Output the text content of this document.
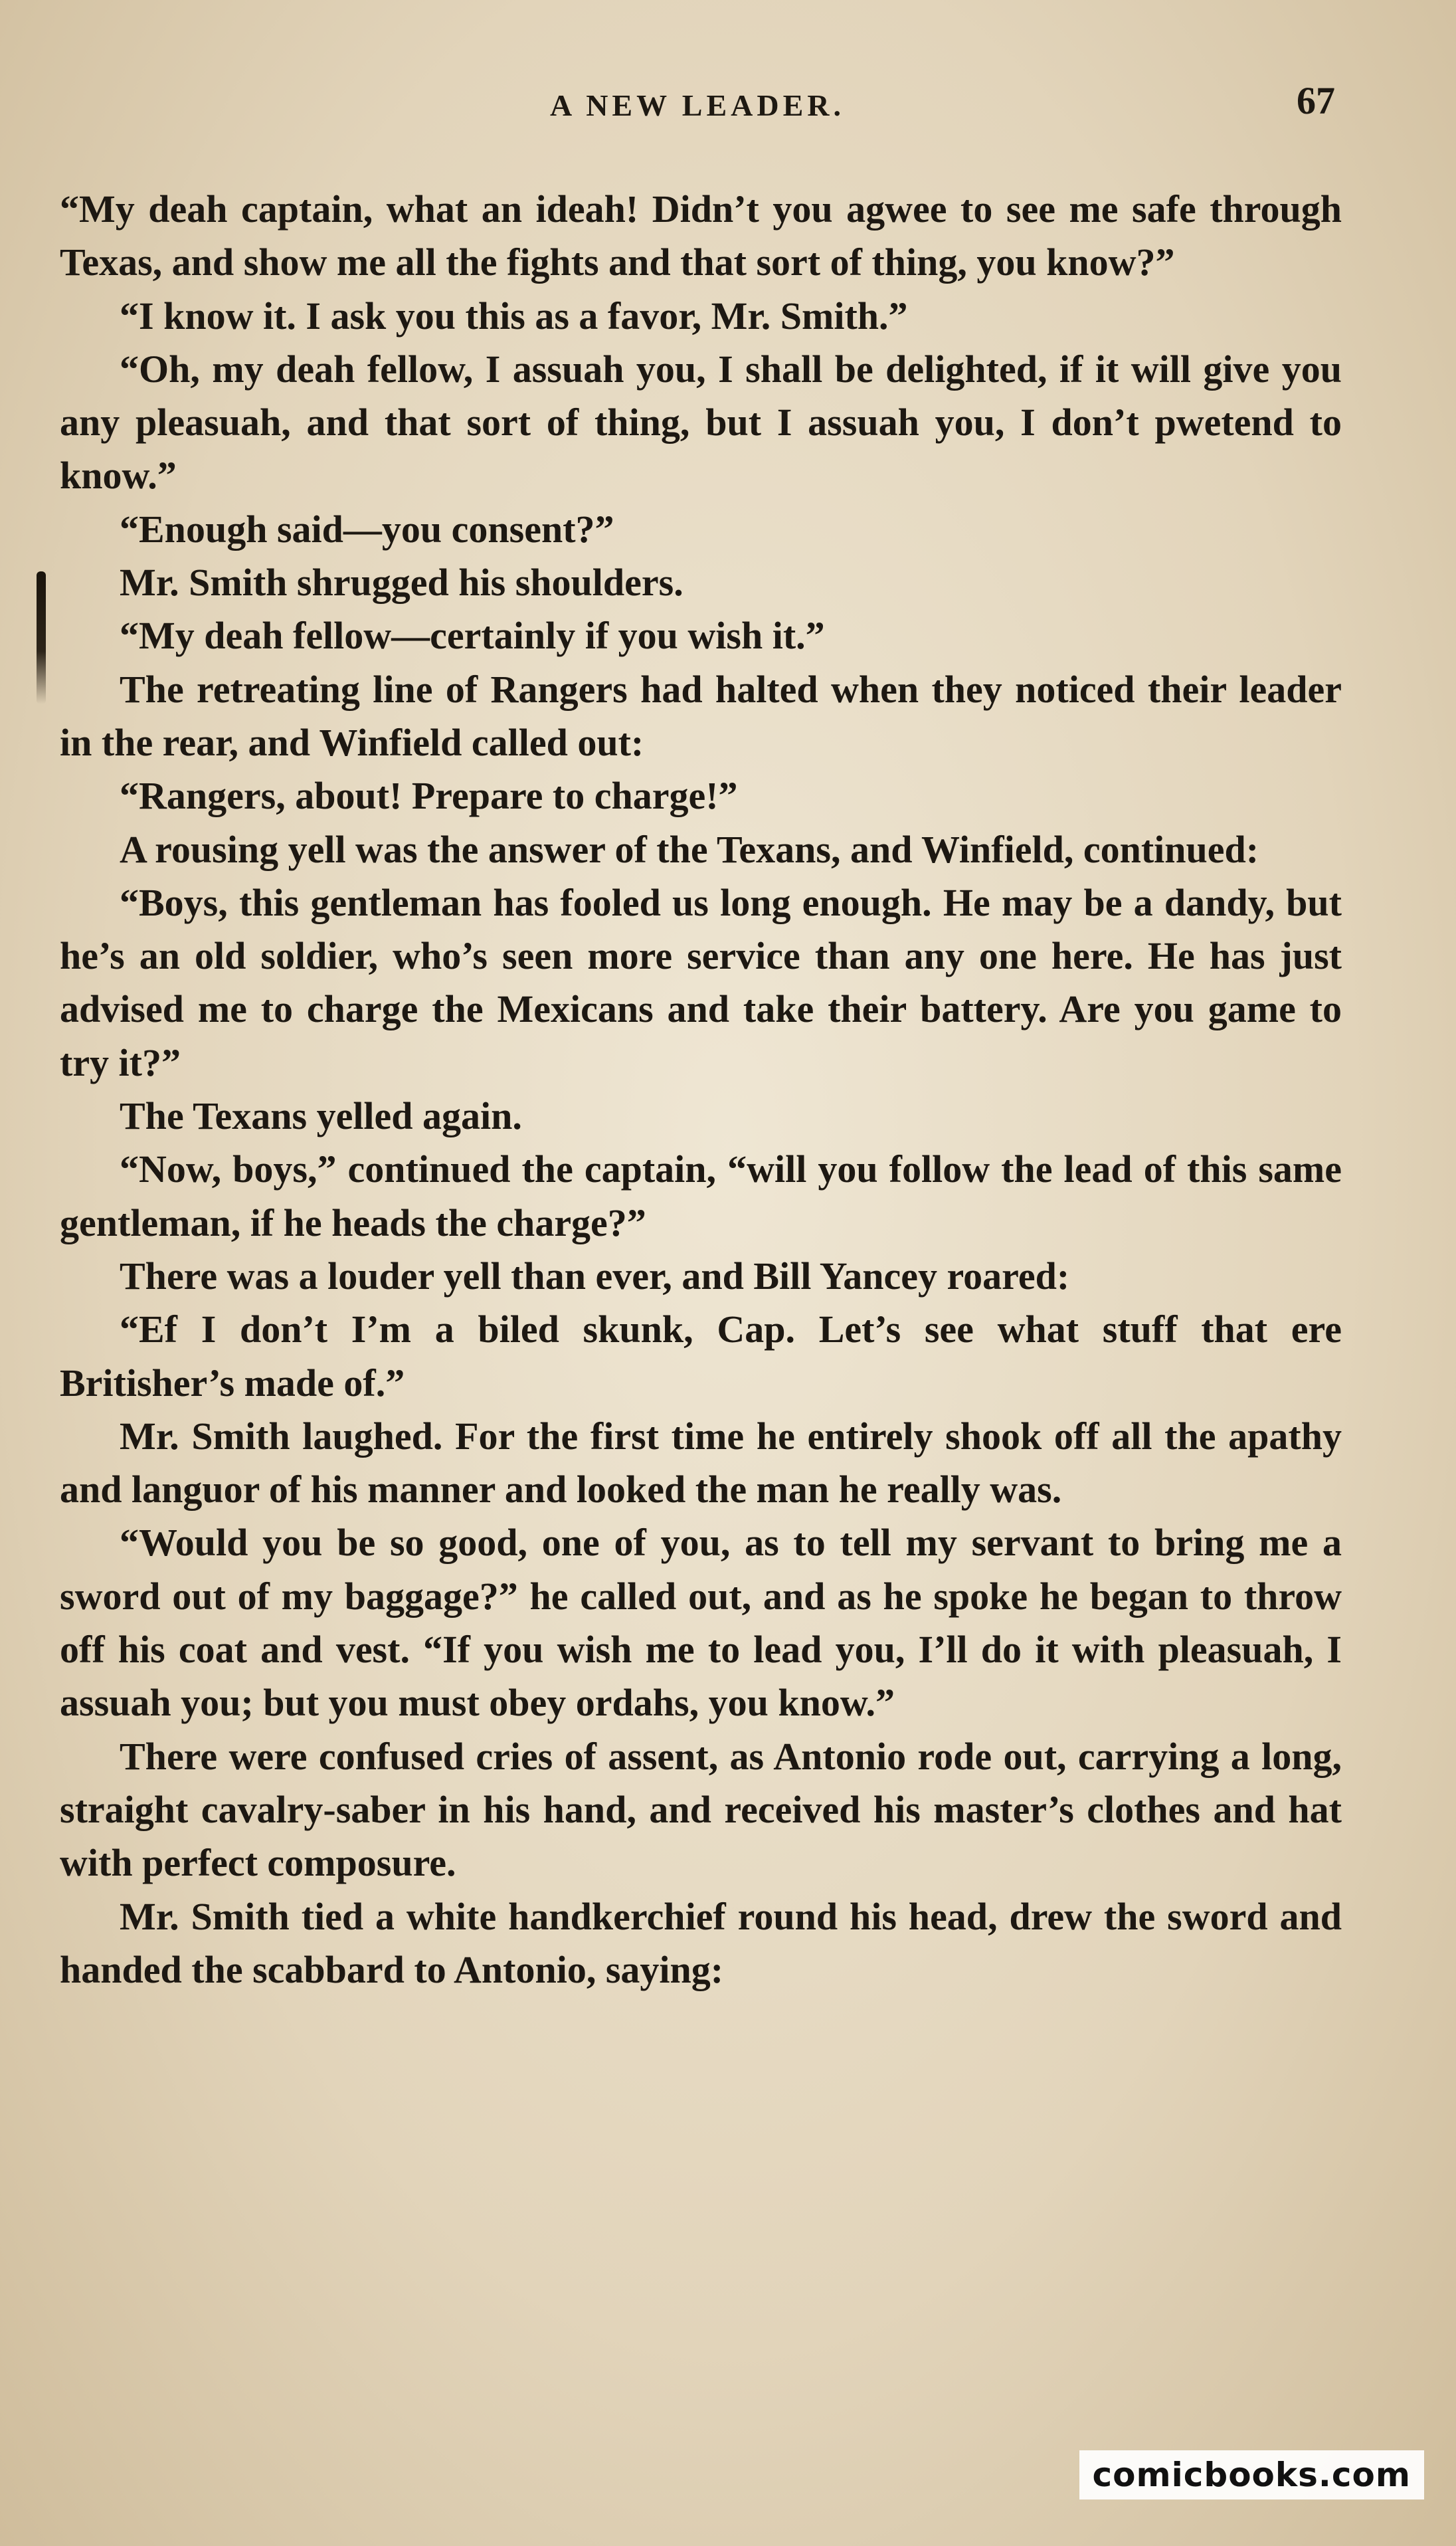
A NEW LEADER.	67

“My deah captain, what an ideah! Didn’t you agwee to see me safe through Texas, and show me all the fights and that sort of thing, you know?”

“I know it. I ask you this as a favor, Mr. Smith.”

“Oh, my deah fellow, I assuah you, I shall be delighted, if it will give you any pleasuah, and that sort of thing, but I assuah you, I don’t pwetend to know.”

“Enough said—you consent?”

Mr. Smith shrugged his shoulders.

“My deah fellow—certainly if you wish it.”

The retreating line of Rangers had halted when they noticed their leader in the rear, and Winfield called out:

“Rangers, about! Prepare to charge!”

A rousing yell was the answer of the Texans, and Winfield, continued:

“Boys, this gentleman has fooled us long enough. He may be a dandy, but he’s an old soldier, who’s seen more service than any one here. He has just advised me to charge the Mexicans and take their battery. Are you game to try it?”

The Texans yelled again.

“Now, boys,” continued the captain, “will you follow the lead of this same gentleman, if he heads the charge?”

There was a louder yell than ever, and Bill Yancey roared:

“Ef I don’t I’m a biled skunk, Cap. Let’s see what stuff that ere Britisher’s made of.”

Mr. Smith laughed. For the first time he entirely shook off all the apathy and languor of his manner and looked the man he really was.

“Would you be so good, one of you, as to tell my servant to bring me a sword out of my baggage?” he called out, and as he spoke he began to throw off his coat and vest. “If you wish me to lead you, I’ll do it with pleasuah, I assuah you; but you must obey ordahs, you know.”

There were confused cries of assent, as Antonio rode out, carrying a long, straight cavalry-saber in his hand, and received his master’s clothes and hat with perfect composure.

Mr. Smith tied a white handkerchief round his head, drew the sword and handed the scabbard to Antonio, saying:

comicbooks.com
